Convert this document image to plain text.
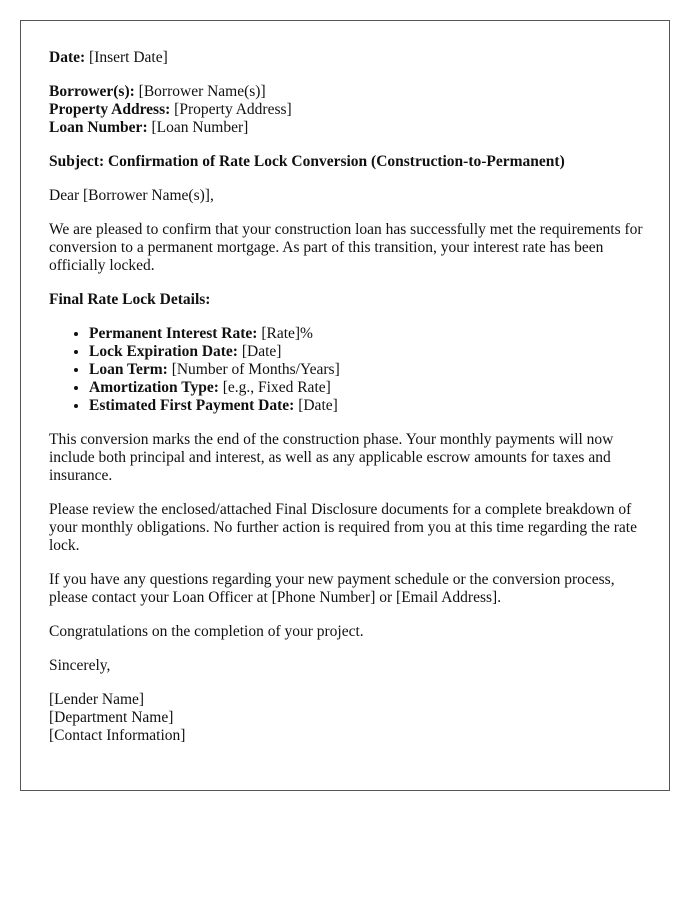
Date: [Insert Date]

Borrower(s): [Borrower Name(s)]

Property Address: [Property Address]

Loan Number: [Loan Number]

Subject: Confirmation of Rate Lock Conversion (Construction-to-Permanent)

Dear [Borrower Name(s)],

We are pleased to confirm that your construction loan has successfully met the requirements for conversion to a permanent mortgage. As part of this transition, your interest rate has been officially locked.

Final Rate Lock Details:

• Permanent Interest Rate: [Rate]%
• Lock Expiration Date: [Date]
• Loan Term: [Number of Months/Years]
• Amortization Type: [e.g., Fixed Rate]
• Estimated First Payment Date: [Date]

This conversion marks the end of the construction phase. Your monthly payments will now include both principal and interest, as well as any applicable escrow amounts for taxes and insurance.

Please review the enclosed/attached Final Disclosure documents for a complete breakdown of your monthly obligations. No further action is required from you at this time regarding the rate lock.

If you have any questions regarding your new payment schedule or the conversion process, please contact your Loan Officer at [Phone Number] or [Email Address].

Congratulations on the completion of your project.

Sincerely,

[Lender Name]

[Department Name]

[Contact Information]
